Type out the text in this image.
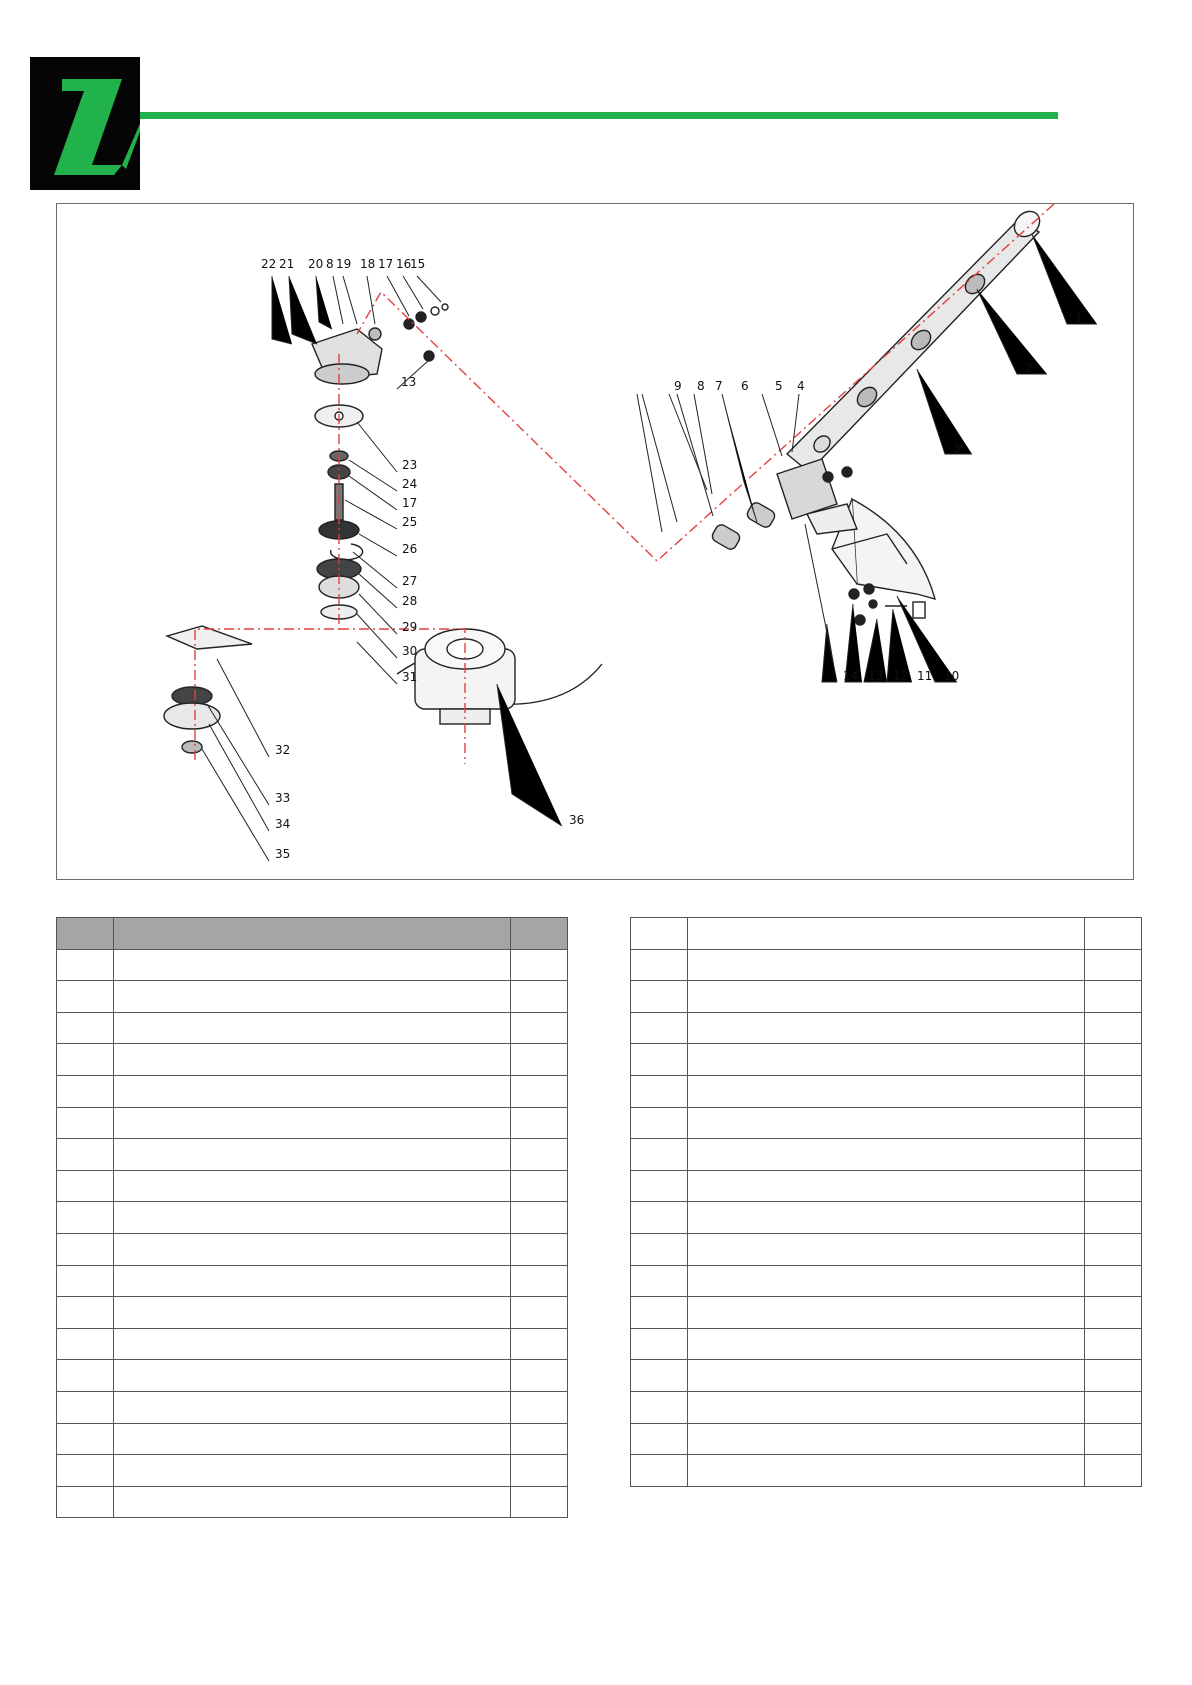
1
2
3
4
5
6
7
8
9
10
11
12
13
14
15
16
17
18
19
8
20
21
22
13
23
24
17
25
26
27
28
29
30
31
32
33
34
35
36
